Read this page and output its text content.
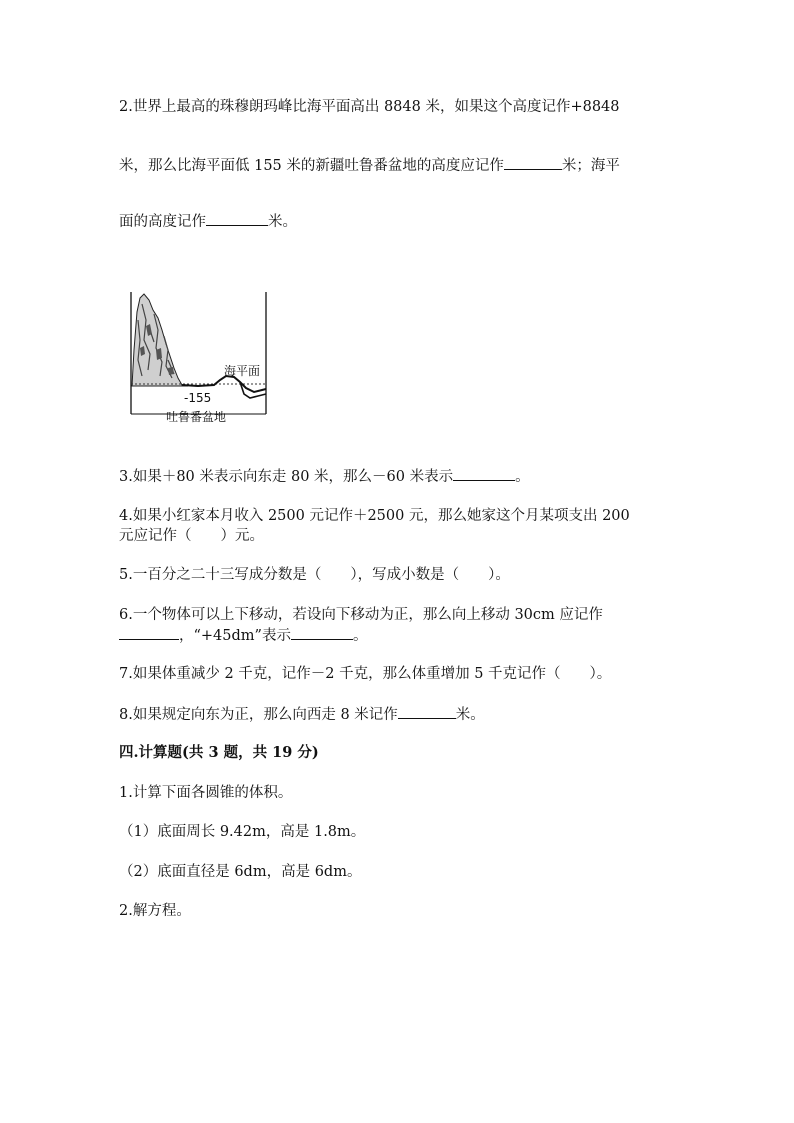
2.世界上最高的珠穆朗玛峰比海平面高出 8848 米，如果这个高度记作+8848
米，那么比海平面低 155 米的新疆吐鲁番盆地的高度应记作	米；海平
面的高度记作	米。
海平面
-155
吐鲁番盆地
3.如果＋80 米表示向东走 80 米，那么－60 米表示	。
4.如果小红家本月收入 2500 元记作＋2500 元，那么她家这个月某项支出 200
元应记作（　　）元。
5.一百分之二十三写成分数是（　　），写成小数是（　　）。
6.一个物体可以上下移动，若设向下移动为正，那么向上移动 30cm 应记作
，“+45dm”表示	。
7.如果体重减少 2 千克，记作－2 千克，那么体重增加 5 千克记作（　　）。
8.如果规定向东为正，那么向西走 8 米记作	米。
四.计算题(共 3 题，共 19 分)
1.计算下面各圆锥的体积。
（1）底面周长 9.42m，高是 1.8m。
（2）底面直径是 6dm，高是 6dm。
2.解方程。
